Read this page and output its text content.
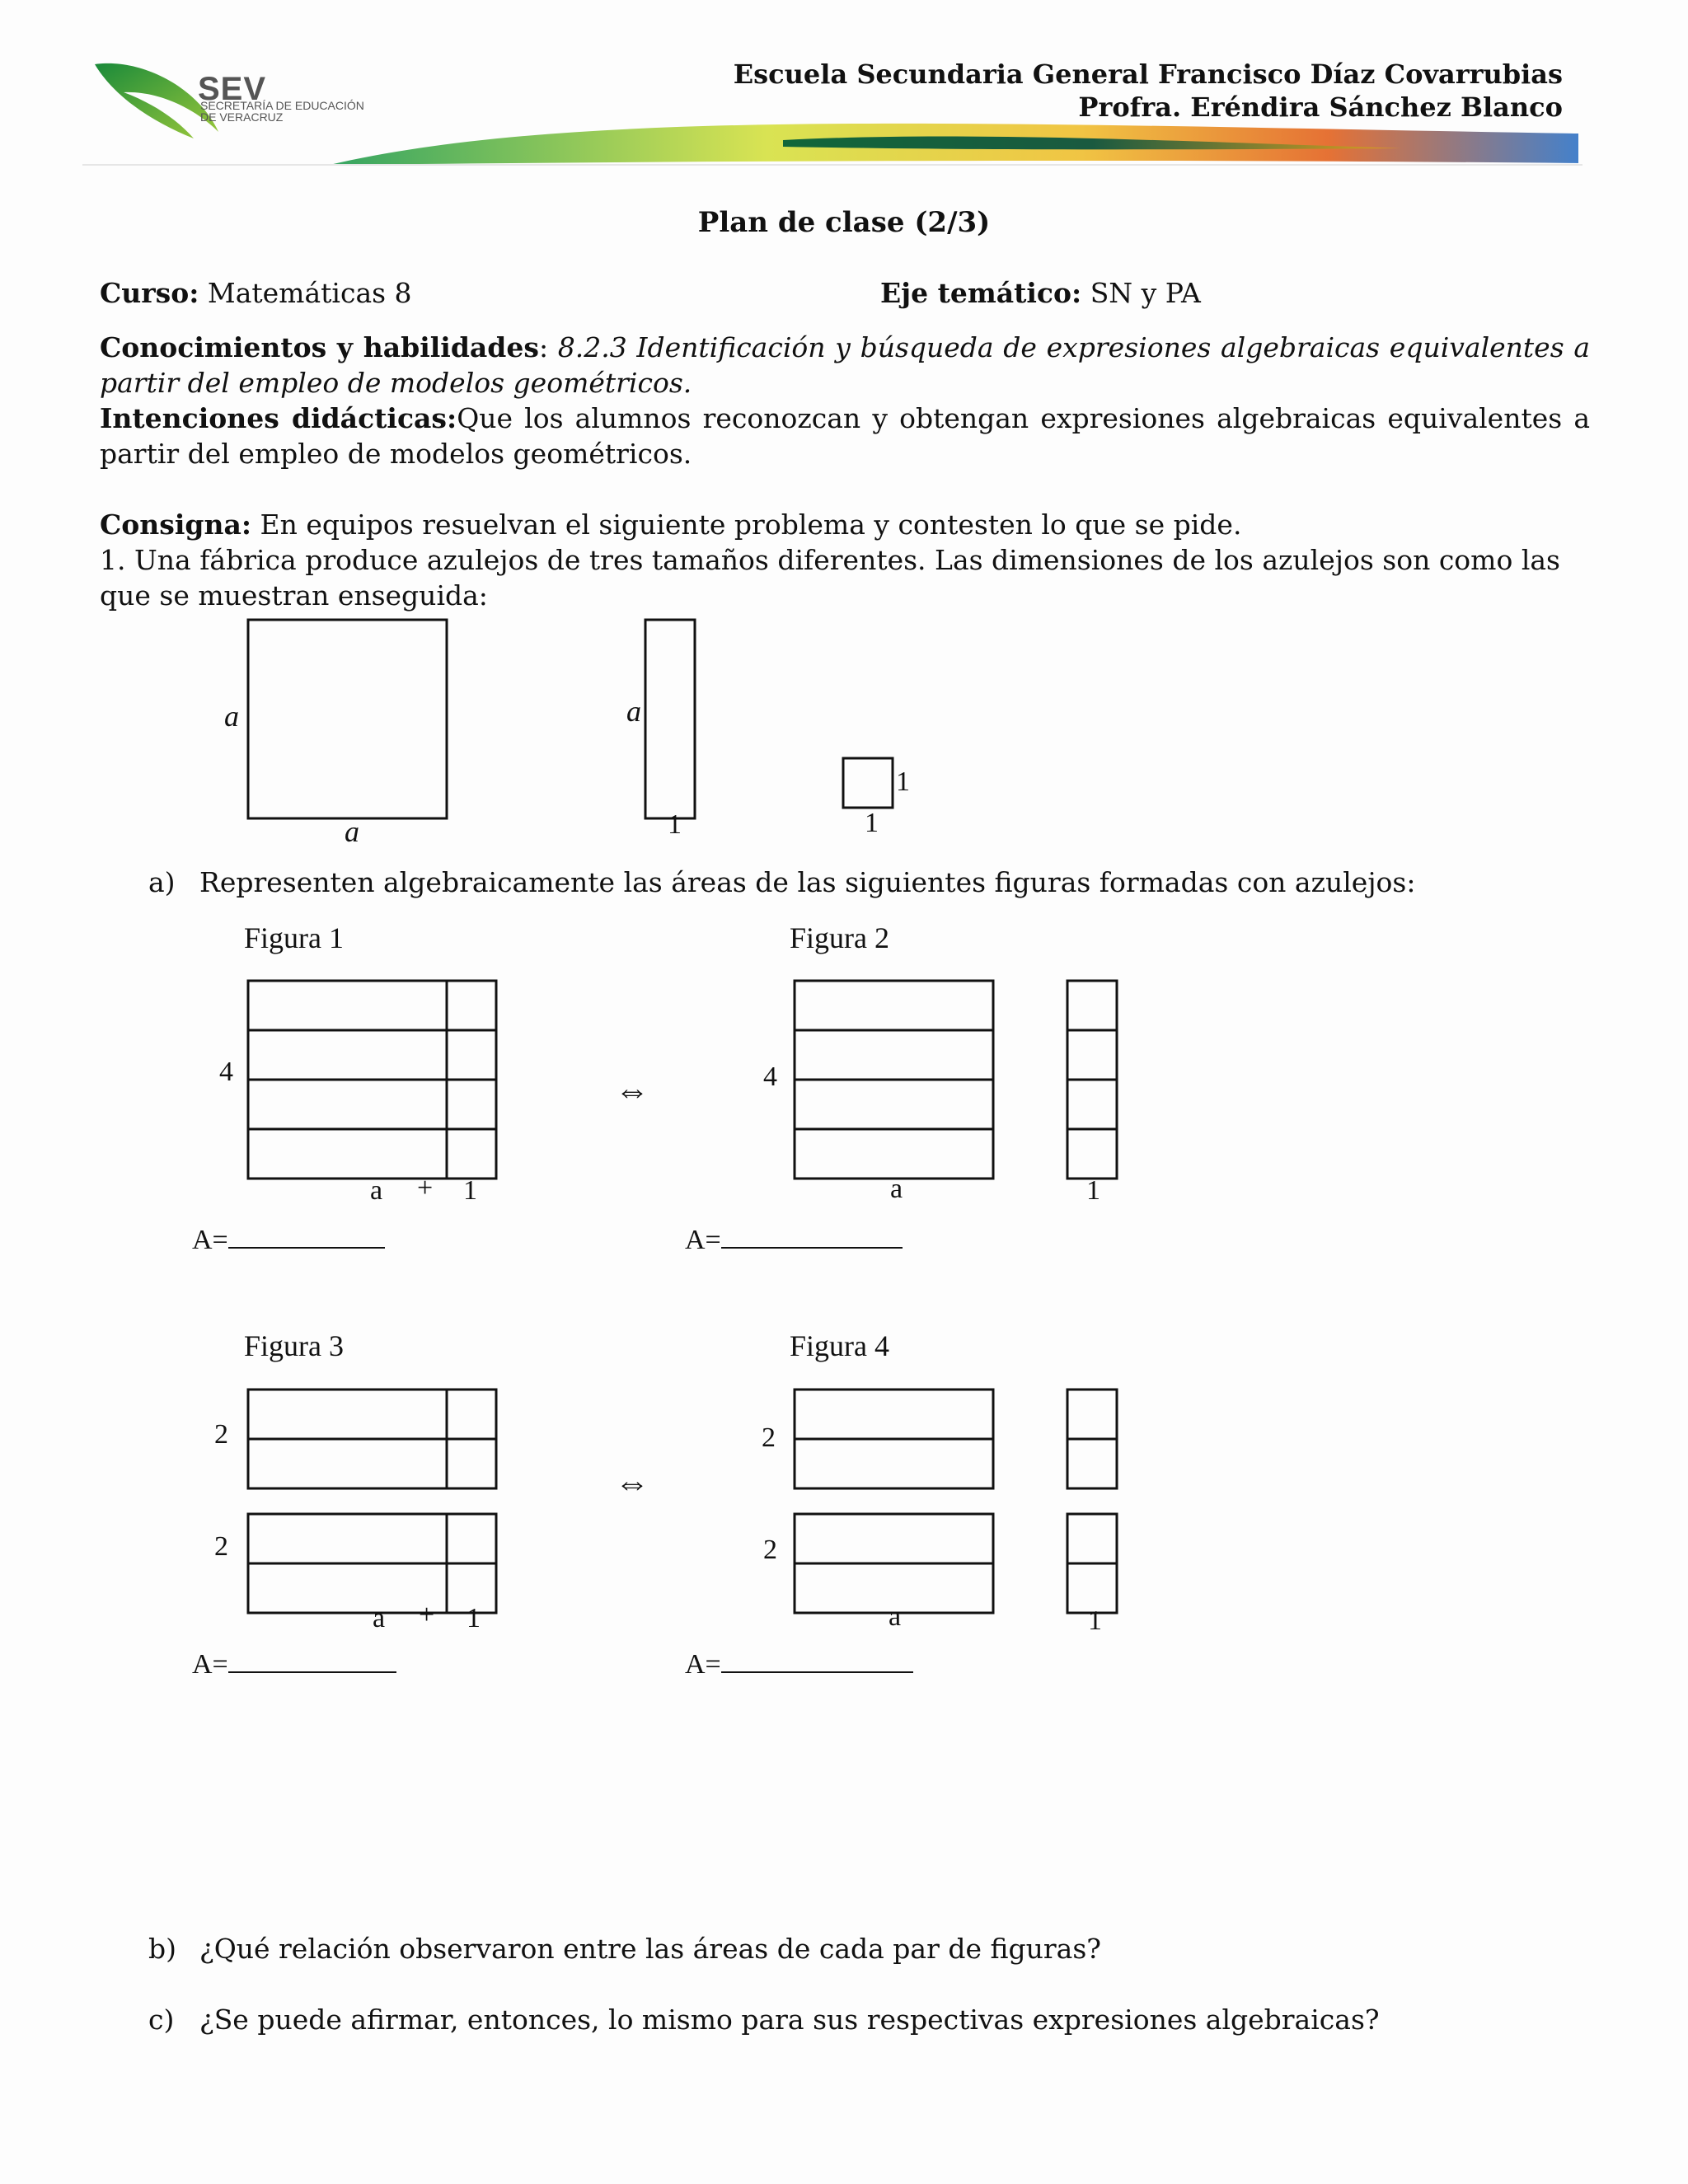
SEV
SECRETARÍA DE EDUCACIÓN
DE VERACRUZ
Escuela Secundaria General Francisco Díaz Covarrubias
Profra. Eréndira Sánchez Blanco
Plan de clase (2/3)
Curso: Matemáticas 8	Eje temático: SN y PA
Conocimientos y habilidades: 8.2.3 Identificación y búsqueda de expresiones algebraicas equivalentes a partir del empleo de modelos geométricos.
Intenciones didácticas:Que los alumnos reconozcan y obtengan expresiones algebraicas equivalentes a partir del empleo de modelos geométricos.
Consigna: En equipos resuelvan el siguiente problema y contesten lo que se pide.
1. Una fábrica produce azulejos de tres tamaños diferentes. Las dimensiones de los azulejos son como las que se muestran enseguida:
a
a
a
1
1
1
a) Representen algebraicamente las áreas de las siguientes figuras formadas con azulejos:
Figura 1
4
a + 1
A=
⇔
Figura 2
4
a	1
A=
Figura 3
2
2
a + 1
A=
⇔
Figura 4
2
2
a	1
A=
b) ¿Qué relación observaron entre las áreas de cada par de figuras?
c) ¿Se puede afirmar, entonces, lo mismo para sus respectivas expresiones algebraicas?
